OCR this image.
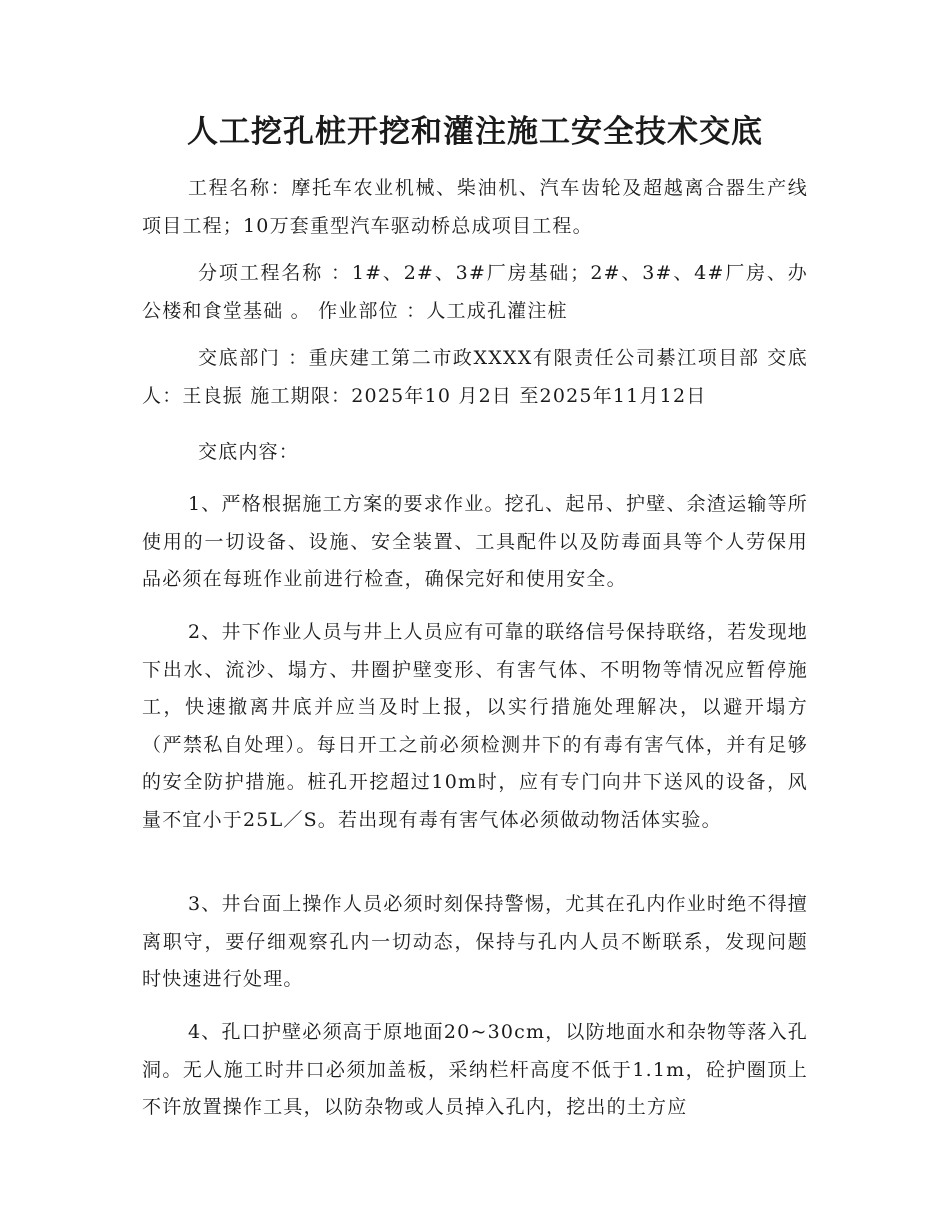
人工挖孔桩开挖和灌注施工安全技术交底

工程名称：摩托车农业机械、柴油机、汽车齿轮及超越离合器生产线项目工程；10万套重型汽车驱动桥总成项目工程。

分项工程名称 ：1#、2#、3#厂房基础；2#、3#、4#厂房、办公楼和食堂基础 。 作业部位 ：人工成孔灌注桩

交底部门 ：重庆建工第二市政XXXX有限责任公司綦江项目部 交底人：王良振 施工期限：2025年10 月2日 至2025年11月12日

交底内容：

1、严格根据施工方案的要求作业。挖孔、起吊、护壁、余渣运输等所使用的一切设备、设施、安全装置、工具配件以及防毒面具等个人劳保用品必须在每班作业前进行检查，确保完好和使用安全。

2、井下作业人员与井上人员应有可靠的联络信号保持联络，若发现地下出水、流沙、塌方、井圈护壁变形、有害气体、不明物等情况应暂停施工，快速撤离井底并应当及时上报，以实行措施处理解决，以避开塌方（严禁私自处理）。每日开工之前必须检测井下的有毒有害气体，并有足够的安全防护措施。桩孔开挖超过10m时，应有专门向井下送风的设备，风量不宜小于25L／S。若出现有毒有害气体必须做动物活体实验。

3、井台面上操作人员必须时刻保持警惕，尤其在孔内作业时绝不得擅离职守，要仔细观察孔内一切动态，保持与孔内人员不断联系，发现问题时快速进行处理。

4、孔口护壁必须高于原地面20~30cm，以防地面水和杂物等落入孔洞。无人施工时井口必须加盖板，采纳栏杆高度不低于1.1m，砼护圈顶上不许放置操作工具，以防杂物或人员掉入孔内，挖出的土方应
